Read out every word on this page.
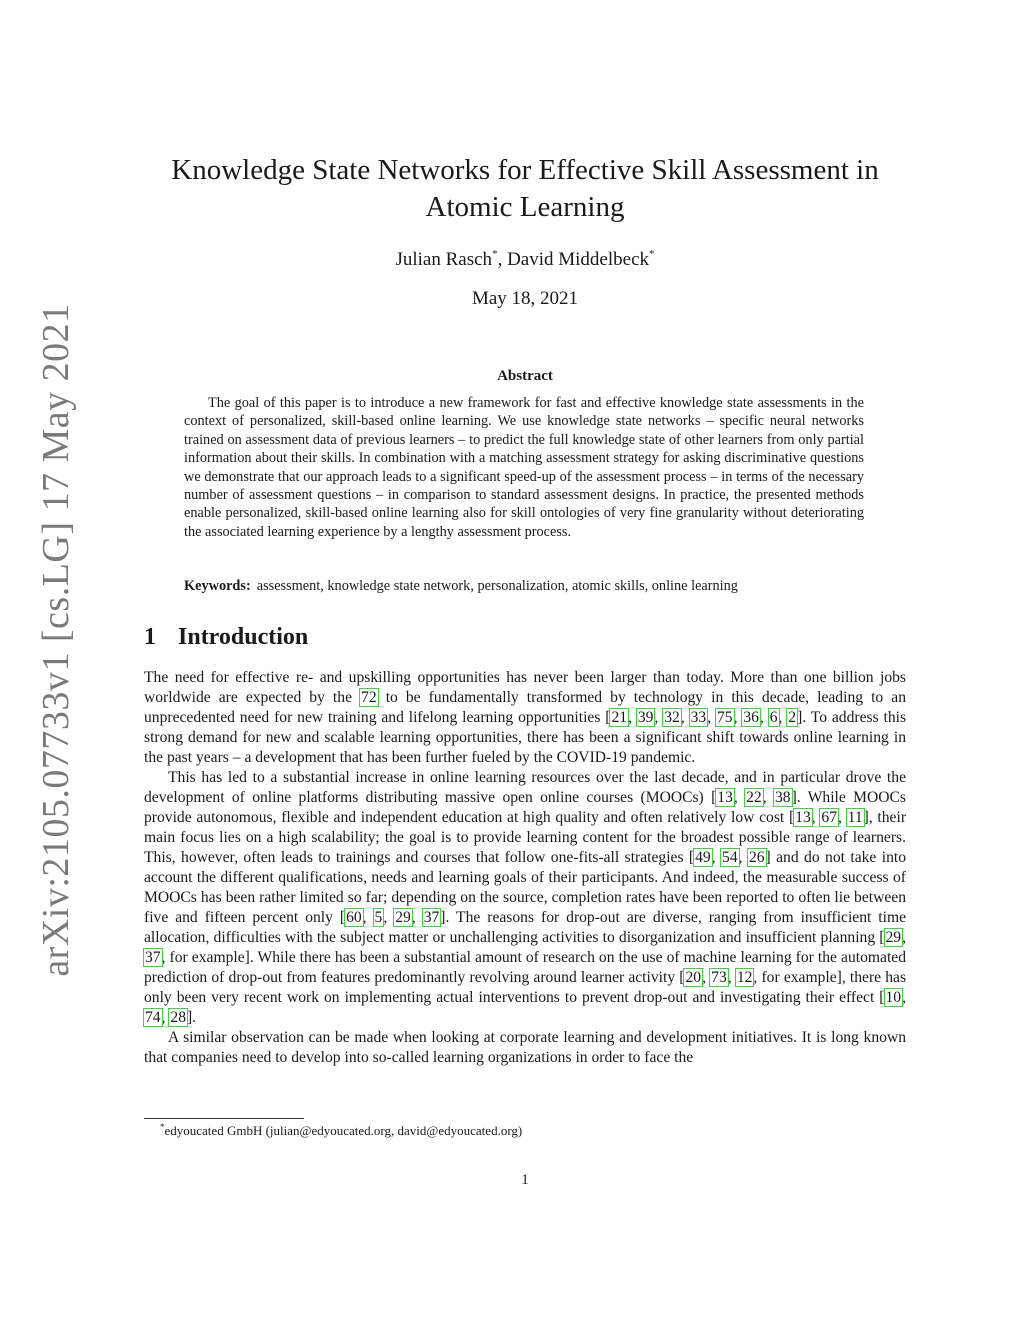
arXiv:2105.07733v1 [cs.LG] 17 May 2021
Knowledge State Networks for Effective Skill Assessment in Atomic Learning
Julian Rasch*, David Middelbeck*
May 18, 2021
Abstract

The goal of this paper is to introduce a new framework for fast and effective knowledge state assessments in the context of personalized, skill-based online learning. We use knowledge state networks – specific neural networks trained on assessment data of previous learners – to predict the full knowledge state of other learners from only partial information about their skills. In combination with a matching assessment strategy for asking discriminative questions we demonstrate that our approach leads to a significant speed-up of the assessment process – in terms of the necessary number of assessment questions – in comparison to standard assessment designs. In practice, the presented methods enable personalized, skill-based online learning also for skill ontologies of very fine granularity without deteriorating the associated learning experience by a lengthy assessment process.

Keywords: assessment, knowledge state network, personalization, atomic skills, online learning
1 Introduction

The need for effective re- and upskilling opportunities has never been larger than today. More than one billion jobs worldwide are expected by the 72 to be fundamentally transformed by technology in this decade, leading to an unprecedented need for new training and lifelong learning opportunities [21, 39, 32, 33, 75, 36, 6, 2]. To address this strong demand for new and scalable learning opportunities, there has been a significant shift towards online learning in the past years – a development that has been further fueled by the COVID-19 pandemic.

This has led to a substantial increase in online learning resources over the last decade, and in particular drove the development of online platforms distributing massive open online courses (MOOCs) [13, 22, 38]. While MOOCs provide autonomous, flexible and independent education at high quality and often relatively low cost [13, 67, 11], their main focus lies on a high scalability; the goal is to provide learning content for the broadest possible range of learners. This, however, often leads to trainings and courses that follow one-fits-all strategies [49, 54, 26] and do not take into account the different qualifications, needs and learning goals of their participants. And indeed, the measurable success of MOOCs has been rather limited so far; depending on the source, completion rates have been reported to often lie between five and fifteen percent only [60, 5, 29, 37]. The reasons for drop-out are diverse, ranging from insufficient time allocation, difficulties with the subject matter or unchallenging activities to disorganization and insufficient planning [29, 37, for example]. While there has been a substantial amount of research on the use of machine learning for the automated prediction of drop-out from features predominantly revolving around learner activity [20, 73, 12, for example], there has only been very recent work on implementing actual interventions to prevent drop-out and investigating their effect [10, 74, 28].

A similar observation can be made when looking at corporate learning and development initiatives. It is long known that companies need to develop into so-called learning organizations in order to face the

*edyoucated GmbH (julian@edyoucated.org, david@edyoucated.org)
1
